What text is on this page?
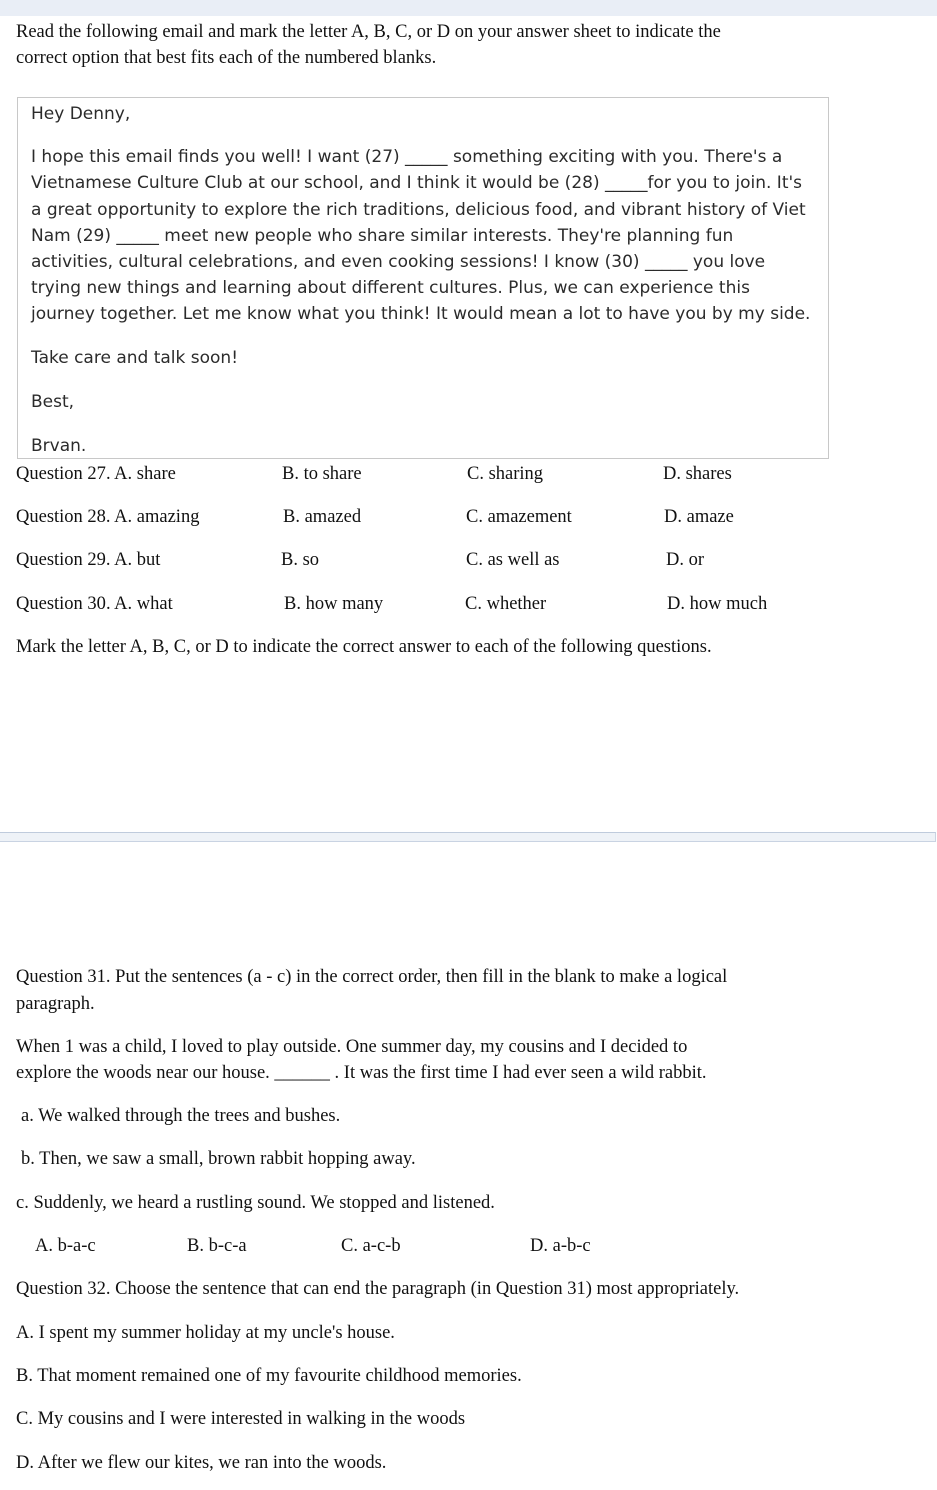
Read the following email and mark the letter A, B, C, or D on your answer sheet to indicate the
correct option that best fits each of the numbered blanks.
Hey Denny,
I hope this email finds you well! I want (27) _____ something exciting with you. There's a
Vietnamese Culture Club at our school, and I think it would be (28) _____for you to join. It's
a great opportunity to explore the rich traditions, delicious food, and vibrant history of Viet
Nam (29) _____ meet new people who share similar interests. They're planning fun
activities, cultural celebrations, and even cooking sessions! I know (30) _____ you love
trying new things and learning about different cultures. Plus, we can experience this
journey together. Let me know what you think! It would mean a lot to have you by my side.
Take care and talk soon!
Best,
Brvan.
Question 27. A. share	B. to share	C. sharing	D. shares
Question 28. A. amazing	B. amazed	C. amazement	D. amaze
Question 29. A. but	B. so	C. as well as	D. or
Question 30. A. what	B. how many	C. whether	D. how much
Mark the letter A, B, C, or D to indicate the correct answer to each of the following questions.
Question 31. Put the sentences (a - c) in the correct order, then fill in the blank to make a logical
paragraph.
When 1 was a child, I loved to play outside. One summer day, my cousins and I decided to
explore the woods near our house. ______ . It was the first time I had ever seen a wild rabbit.
a. We walked through the trees and bushes.
b. Then, we saw a small, brown rabbit hopping away.
c. Suddenly, we heard a rustling sound. We stopped and listened.
A. b-a-c	B. b-c-a	C. a-c-b	D. a-b-c
Question 32. Choose the sentence that can end the paragraph (in Question 31) most appropriately.
A. I spent my summer holiday at my uncle's house.
B. That moment remained one of my favourite childhood memories.
C. My cousins and I were interested in walking in the woods
D. After we flew our kites, we ran into the woods.
